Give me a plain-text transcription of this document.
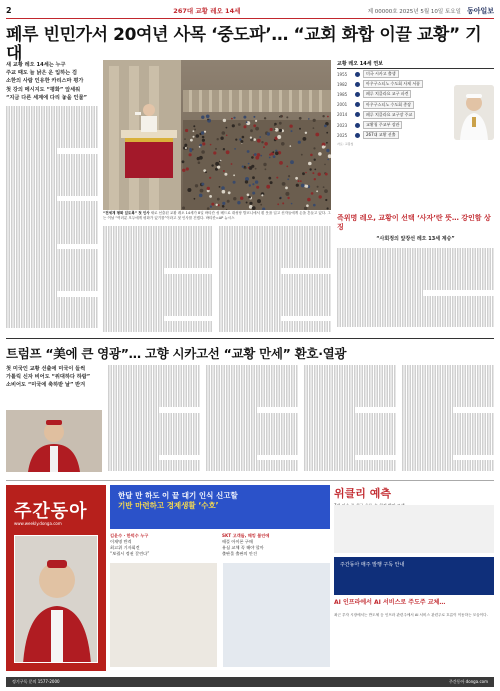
2	267대 교황 레오 14세	제 00000호 2025년 5월 10일 토요일 동아일보
페루 빈민가서 20여년 사목 ‘중도파’… “교회 화합 이끌 교황” 기대
새 교황 레오 14세는 누구
주교 때도 늘 낡은 운 입하는 검
소한의 사람 인유한 카리스마 평가
첫 강의 메시지도 “평화” 앞세워
“지금 다른 세계에 다리 놓을 인물”
“전세계 평화 있도록” 첫 인사 새로 선출된 교황 레오 14세가 8일 바티칸 성 베드로 대성당 발코니에서 흰 옷을 입고 신자들에게 손을 흔들고 있다. 그는 이날 “여러분 모두에게 평화가 있기를”이라고 첫 인사를 건넸다. 바티칸=AP 뉴시스
교황 레오 14세 연보
1955	미국 시카고 출생
1982	아우구스티노 수도회 사제 서품
1985	페루 치클라요 교구 파견
2001	아우구스티노 수도회 총장
2014	페루 치클라요 교구장 주교
2023	교황청 주교부 장관
2025	267대 교황 선출
자료: 교황청
즉위명 레오, 교황이 선택 ‘사자’란 뜻… 강인함 상징
“사회정의 앞장선 레오 13세 계승”
트럼프 “美에 큰 영광”… 고향 시카고선 “교황 만세” 환호·열광
첫 미국인 교황 선출에 미국이 들썩
가톨릭 신자 비어도 “위대하다 하람”
소비어도 “미국에 축하받 날” 반겨
주간동아
www.weekly.donga.com
한달 만 하도 이 끝 대기 인식 신고할
기반 마련하고 경제생활 ‘수호’
김윤수 · 한덕수 누구
이재명 반격
최고위 기자회견
“보궐시 정권 갈린다”
SKT 고객들, 해킹 불안에
애플 아이폰 구매
유심 교체 꼭 해야 할까
출판물 출판의 안건
위클리 예측
주간동아 매주 발행 구독 안내
AI 인프라에서 AI 서비스로 주도주 교체…
최근 투자 시장에서는 반도체 등 인프라 관련주에서 AI 서비스 관련주로 흐름이 이동하는 모습이다.
정기구독 문의 1577-2000	주간동아 donga.com
